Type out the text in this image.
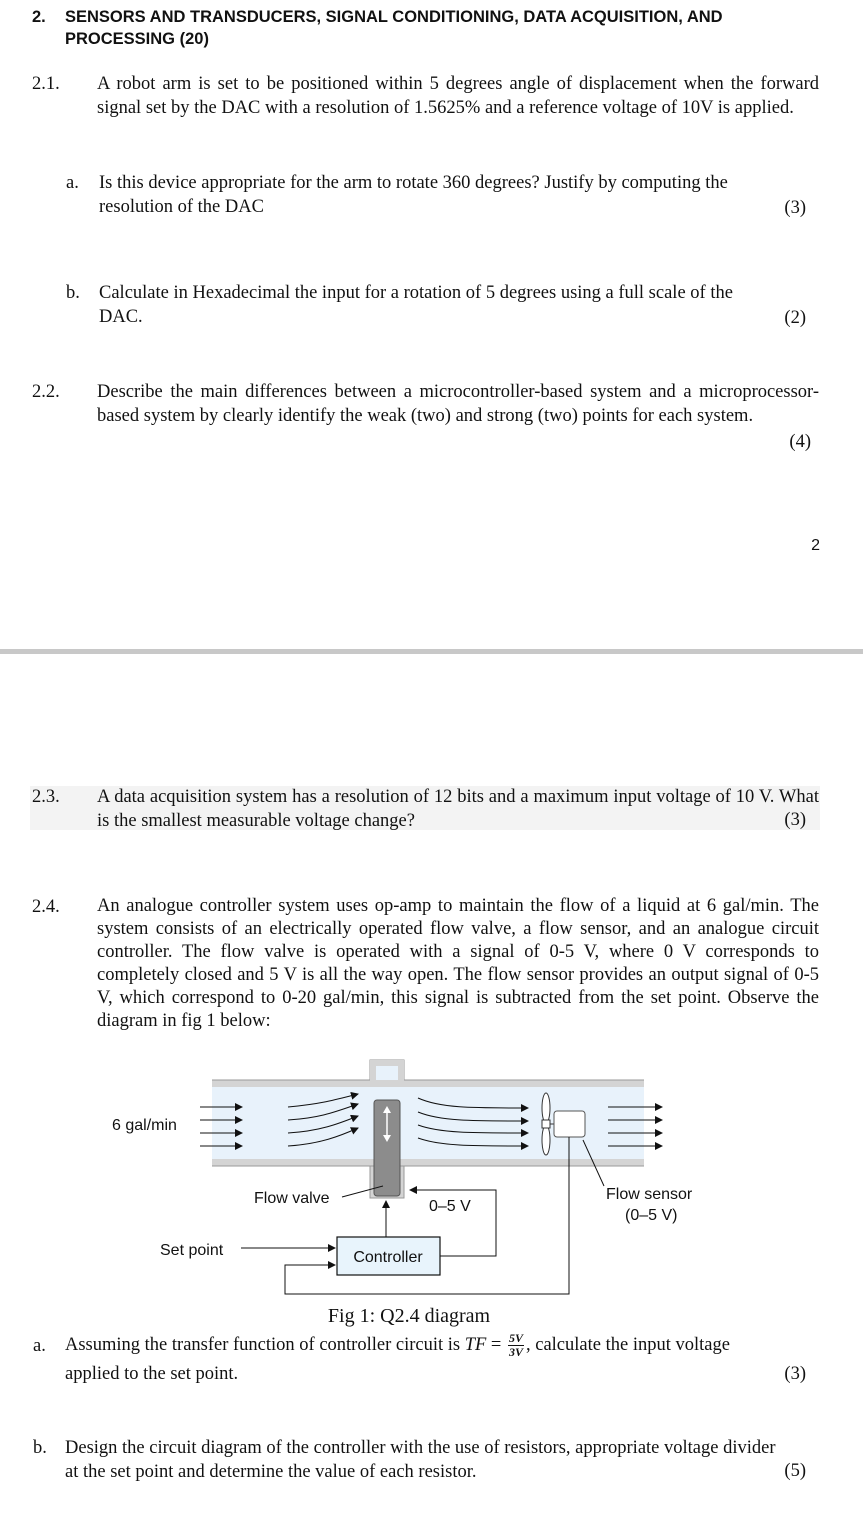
2. SENSORS AND TRANSDUCERS, SIGNAL CONDITIONING, DATA ACQUISITION, AND PROCESSING (20)
2.1. A robot arm is set to be positioned within 5 degrees angle of displacement when the forward signal set by the DAC with a resolution of 1.5625% and a reference voltage of 10V is applied.
a. Is this device appropriate for the arm to rotate 360 degrees? Justify by computing the resolution of the DAC	(3)
b. Calculate in Hexadecimal the input for a rotation of 5 degrees using a full scale of the DAC.	(2)
2.2. Describe the main differences between a microcontroller-based system and a microprocessor-based system by clearly identify the weak (two) and strong (two) points for each system.
(4)
2
2.3. A data acquisition system has a resolution of 12 bits and a maximum input voltage of 10 V. What is the smallest measurable voltage change?	(3)
2.4. An analogue controller system uses op-amp to maintain the flow of a liquid at 6 gal/min. The system consists of an electrically operated flow valve, a flow sensor, and an analogue circuit controller. The flow valve is operated with a signal of 0-5 V, where 0 V corresponds to completely closed and 5 V is all the way open. The flow sensor provides an output signal of 0-5 V, which correspond to 0-20 gal/min, this signal is subtracted from the set point. Observe the diagram in fig 1 below:
6 gal/min
Flow valve	0–5 V
Flow sensor
(0–5 V)
Set point	Controller
Fig 1: Q2.4 diagram
a. Assuming the transfer function of controller circuit is TF = $\frac{5V}{3V}$ , calculate the input voltage
applied to the set point.	(3)
b. Design the circuit diagram of the controller with the use of resistors, appropriate voltage divider at the set point and determine the value of each resistor.	(5)
